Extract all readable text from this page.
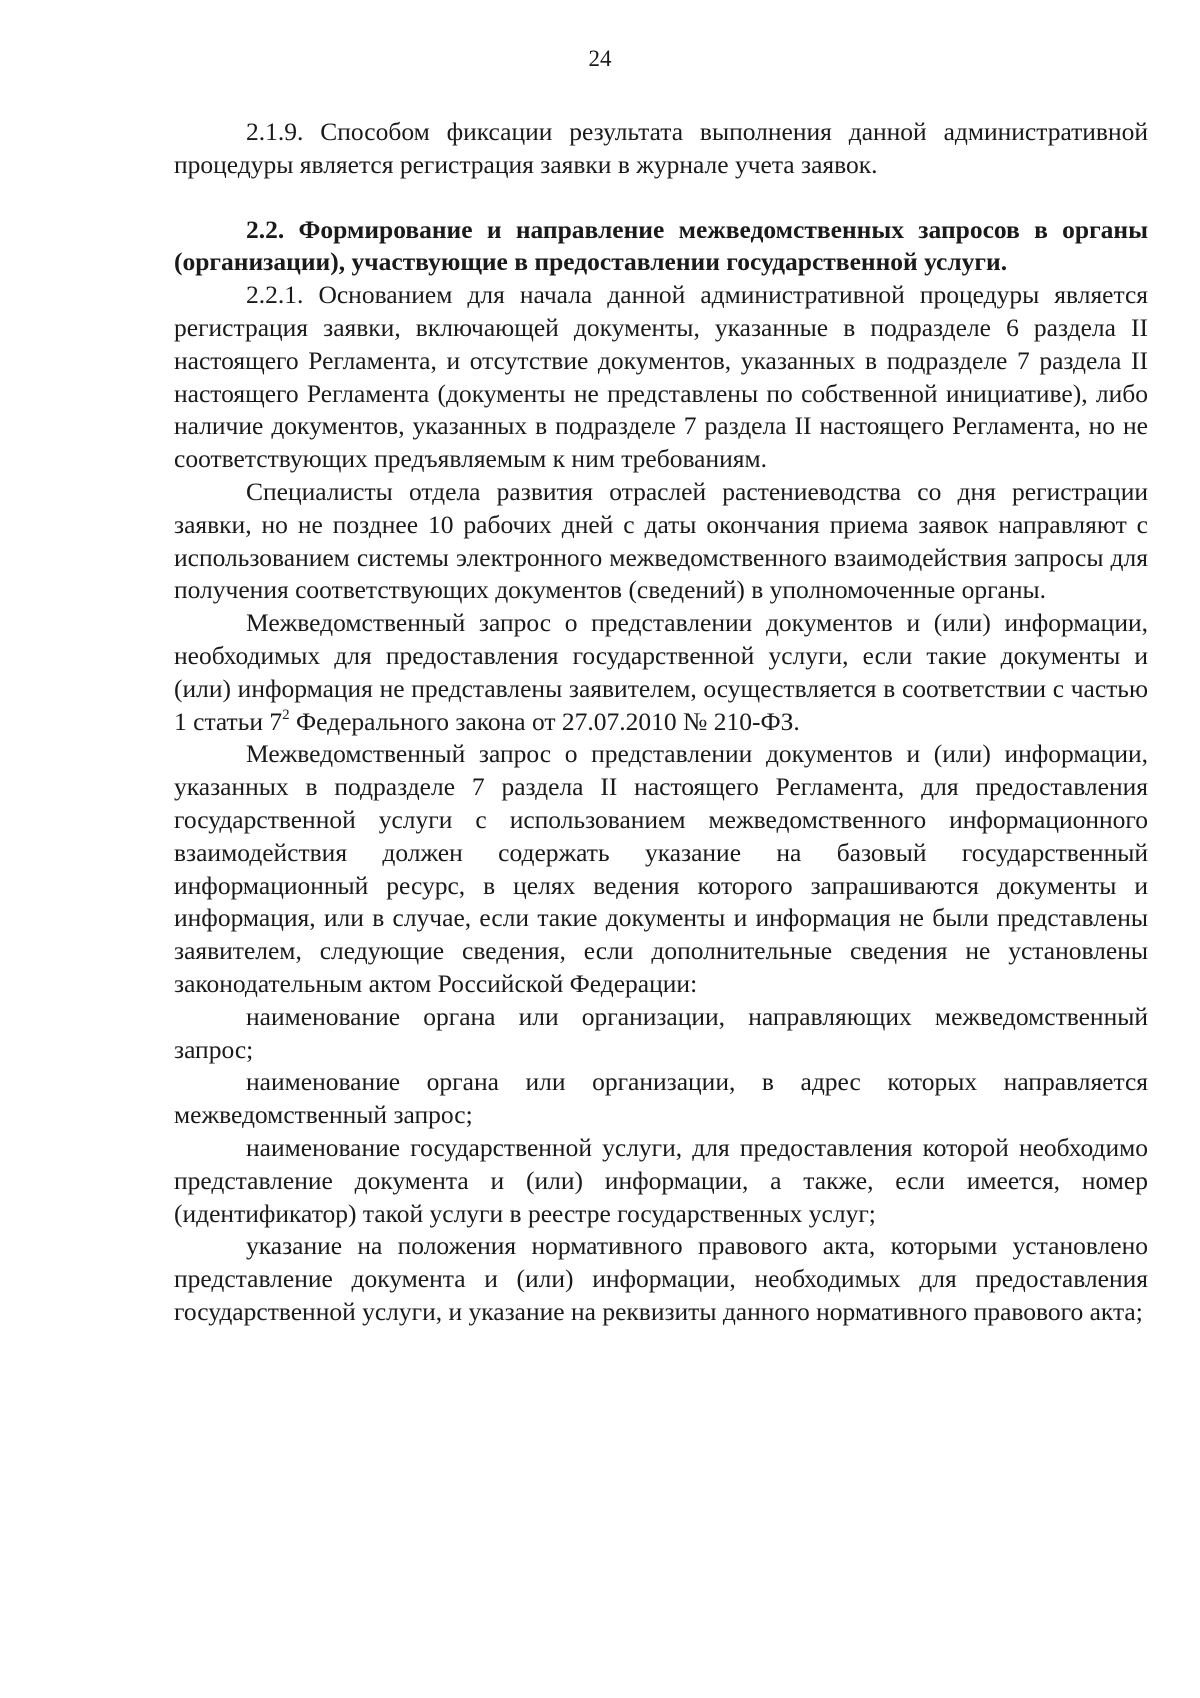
24

2.1.9. Способом фиксации результата выполнения данной административной процедуры является регистрация заявки в журнале учета заявок.

2.2. Формирование и направление межведомственных запросов в органы (организации), участвующие в предоставлении государственной услуги.

2.2.1. Основанием для начала данной административной процедуры является регистрация заявки, включающей документы, указанные в подразделе 6 раздела II настоящего Регламента, и отсутствие документов, указанных в подразделе 7 раздела II настоящего Регламента (документы не представлены по собственной инициативе), либо наличие документов, указанных в подразделе 7 раздела II настоящего Регламента, но не соответствующих предъявляемым к ним требованиям.

Специалисты отдела развития отраслей растениеводства со дня регистрации заявки, но не позднее 10 рабочих дней с даты окончания приема заявок направляют с использованием системы электронного межведомственного взаимодействия запросы для получения соответствующих документов (сведений) в уполномоченные органы.

Межведомственный запрос о представлении документов и (или) информации, необходимых для предоставления государственной услуги, если такие документы и (или) информация не представлены заявителем, осуществляется в соответствии с частью 1 статьи $7^2$ Федерального закона от 27.07.2010 № 210-ФЗ.

Межведомственный запрос о представлении документов и (или) информации, указанных в подразделе 7 раздела II настоящего Регламента, для предоставления государственной услуги с использованием межведомственного информационного взаимодействия должен содержать указание на базовый государственный информационный ресурс, в целях ведения которого запрашиваются документы и информация, или в случае, если такие документы и информация не были представлены заявителем, следующие сведения, если дополнительные сведения не установлены законодательным актом Российской Федерации:

наименование органа или организации, направляющих межведомственный запрос;

наименование органа или организации, в адрес которых направляется межведомственный запрос;

наименование государственной услуги, для предоставления которой необходимо представление документа и (или) информации, а также, если имеется, номер (идентификатор) такой услуги в реестре государственных услуг;

указание на положения нормативного правового акта, которыми установлено представление документа и (или) информации, необходимых для предоставления государственной услуги, и указание на реквизиты данного нормативного правового акта;
